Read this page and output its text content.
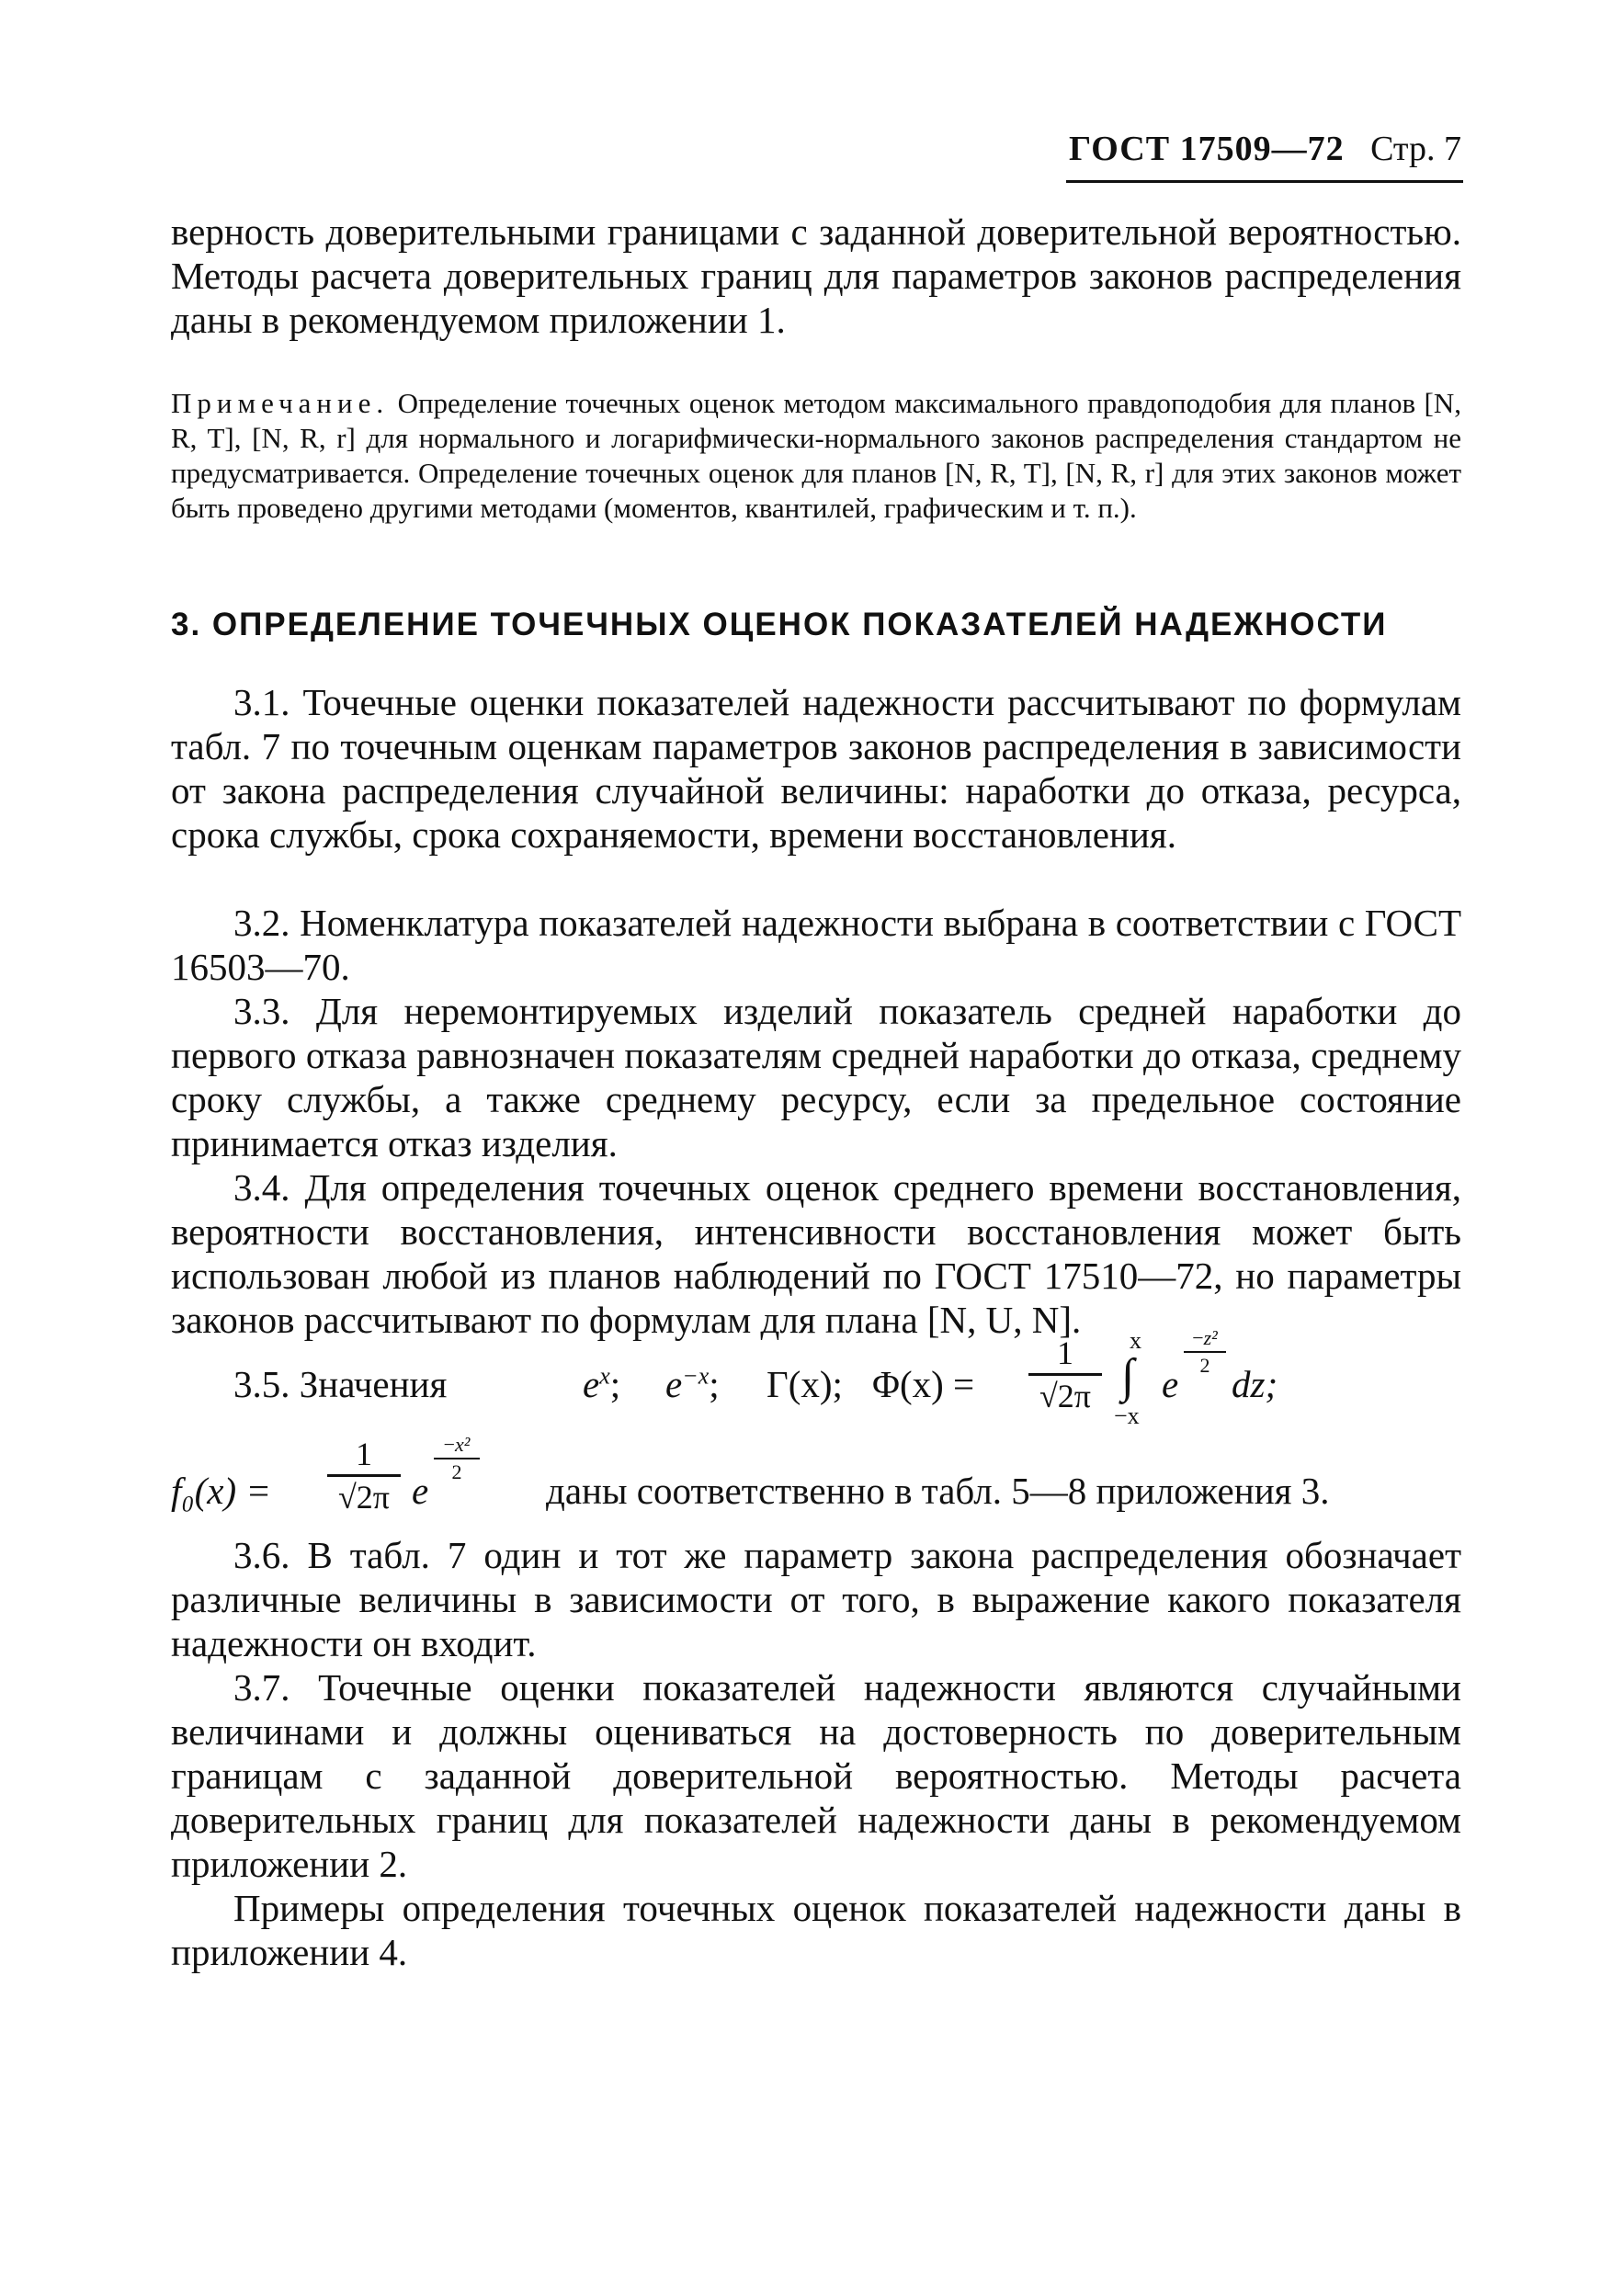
ГОСТ 17509—72 Стр. 7
верность доверительными границами с заданной доверительной вероятностью. Методы расчета доверительных границ для параметров законов распределения даны в рекомендуемом приложении 1.
Примечание. Определение точечных оценок методом максимального правдоподобия для планов [N, R, T], [N, R, r] для нормального и логарифмически-нормального законов распределения стандартом не предусматривается. Определение точечных оценок для планов [N, R, T], [N, R, r] для этих законов может быть проведено другими методами (моментов, квантилей, графическим и т. п.).
3. ОПРЕДЕЛЕНИЕ ТОЧЕЧНЫХ ОЦЕНОК ПОКАЗАТЕЛЕЙ НАДЕЖНОСТИ
3.1. Точечные оценки показателей надежности рассчитывают по формулам табл. 7 по точечным оценкам параметров законов распределения в зависимости от закона распределения случайной величины: наработки до отказа, ресурса, срока службы, срока сохраняемости, времени восстановления.
3.2. Номенклатура показателей надежности выбрана в соответствии с ГОСТ 16503—70.
3.3. Для неремонтируемых изделий показатель средней наработки до первого отказа равнозначен показателям средней наработки до отказа, среднему сроку службы, а также среднему ресурсу, если за предельное состояние принимается отказ изделия.
3.4. Для определения точечных оценок среднего времени восстановления, вероятности восстановления, интенсивности восстановления может быть использован любой из планов наблюдений по ГОСТ 17510—72, но параметры законов рассчитывают по формулам для плана [N, U, N].
3.5. Значения	$e^x$; $e^{-x}$; Γ(x); Φ(x) =
1
√2π
x
∫
−x
e
−z²
2 dz;
f₀(x) =
1
√2π e
−x²
2	даны соответственно в табл. 5—8 приложения 3.
3.6. В табл. 7 один и тот же параметр закона распределения обозначает различные величины в зависимости от того, в выражение какого показателя надежности он входит.
3.7. Точечные оценки показателей надежности являются случайными величинами и должны оцениваться на достоверность по доверительным границам с заданной доверительной вероятностью. Методы расчета доверительных границ для показателей надежности даны в рекомендуемом приложении 2.
Примеры определения точечных оценок показателей надежности даны в приложении 4.
